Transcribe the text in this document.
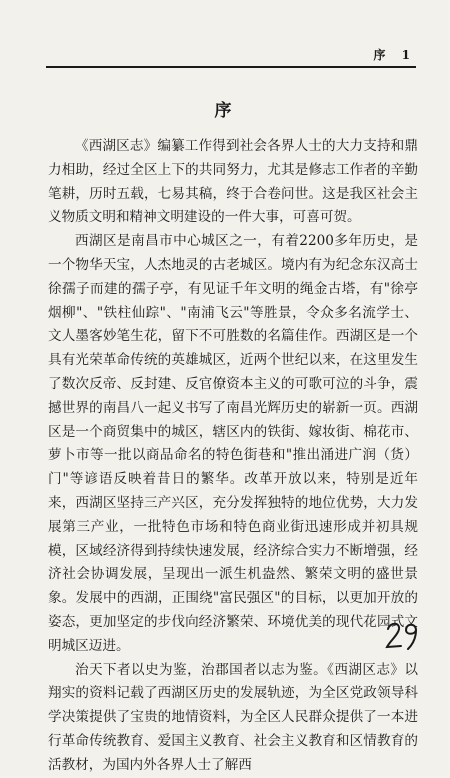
序 1
序

《西湖区志》编纂工作得到社会各界人士的大力支持和鼎力相助，经过全区上下的共同努力，尤其是修志工作者的辛勤笔耕，历时五载，七易其稿，终于合卷问世。这是我区社会主义物质文明和精神文明建设的一件大事，可喜可贺。

西湖区是南昌市中心城区之一，有着2200多年历史，是一个物华天宝，人杰地灵的古老城区。境内有为纪念东汉高士徐孺子而建的孺子亭，有见证千年文明的绳金古塔，有"徐亭烟柳"、"铁柱仙踪"、"南浦飞云"等胜景，令众多名流学士、文人墨客妙笔生花，留下不可胜数的名篇佳作。西湖区是一个具有光荣革命传统的英雄城区，近两个世纪以来，在这里发生了数次反帝、反封建、反官僚资本主义的可歌可泣的斗争，震撼世界的南昌八一起义书写了南昌光辉历史的崭新一页。西湖区是一个商贸集中的城区，辖区内的铁街、嫁妆街、棉花市、萝卜市等一批以商品命名的特色街巷和"推出涌进广润（货）门"等谚语反映着昔日的繁华。改革开放以来，特别是近年来，西湖区坚持三产兴区，充分发挥独特的地位优势，大力发展第三产业，一批特色市场和特色商业街迅速形成并初具规模，区域经济得到持续快速发展，经济综合实力不断增强，经济社会协调发展，呈现出一派生机盎然、繁荣文明的盛世景象。发展中的西湖，正围绕"富民强区"的目标，以更加开放的姿态，更加坚定的步伐向经济繁荣、环境优美的现代花园式文明城区迈进。

治天下者以史为鉴，治郡国者以志为鉴。《西湖区志》以翔实的资料记载了西湖区历史的发展轨迹，为全区党政领导科学决策提供了宝贵的地情资料，为全区人民群众提供了一本进行革命传统教育、爱国主义教育、社会主义教育和区情教育的活教材，为国内外各界人士了解西
